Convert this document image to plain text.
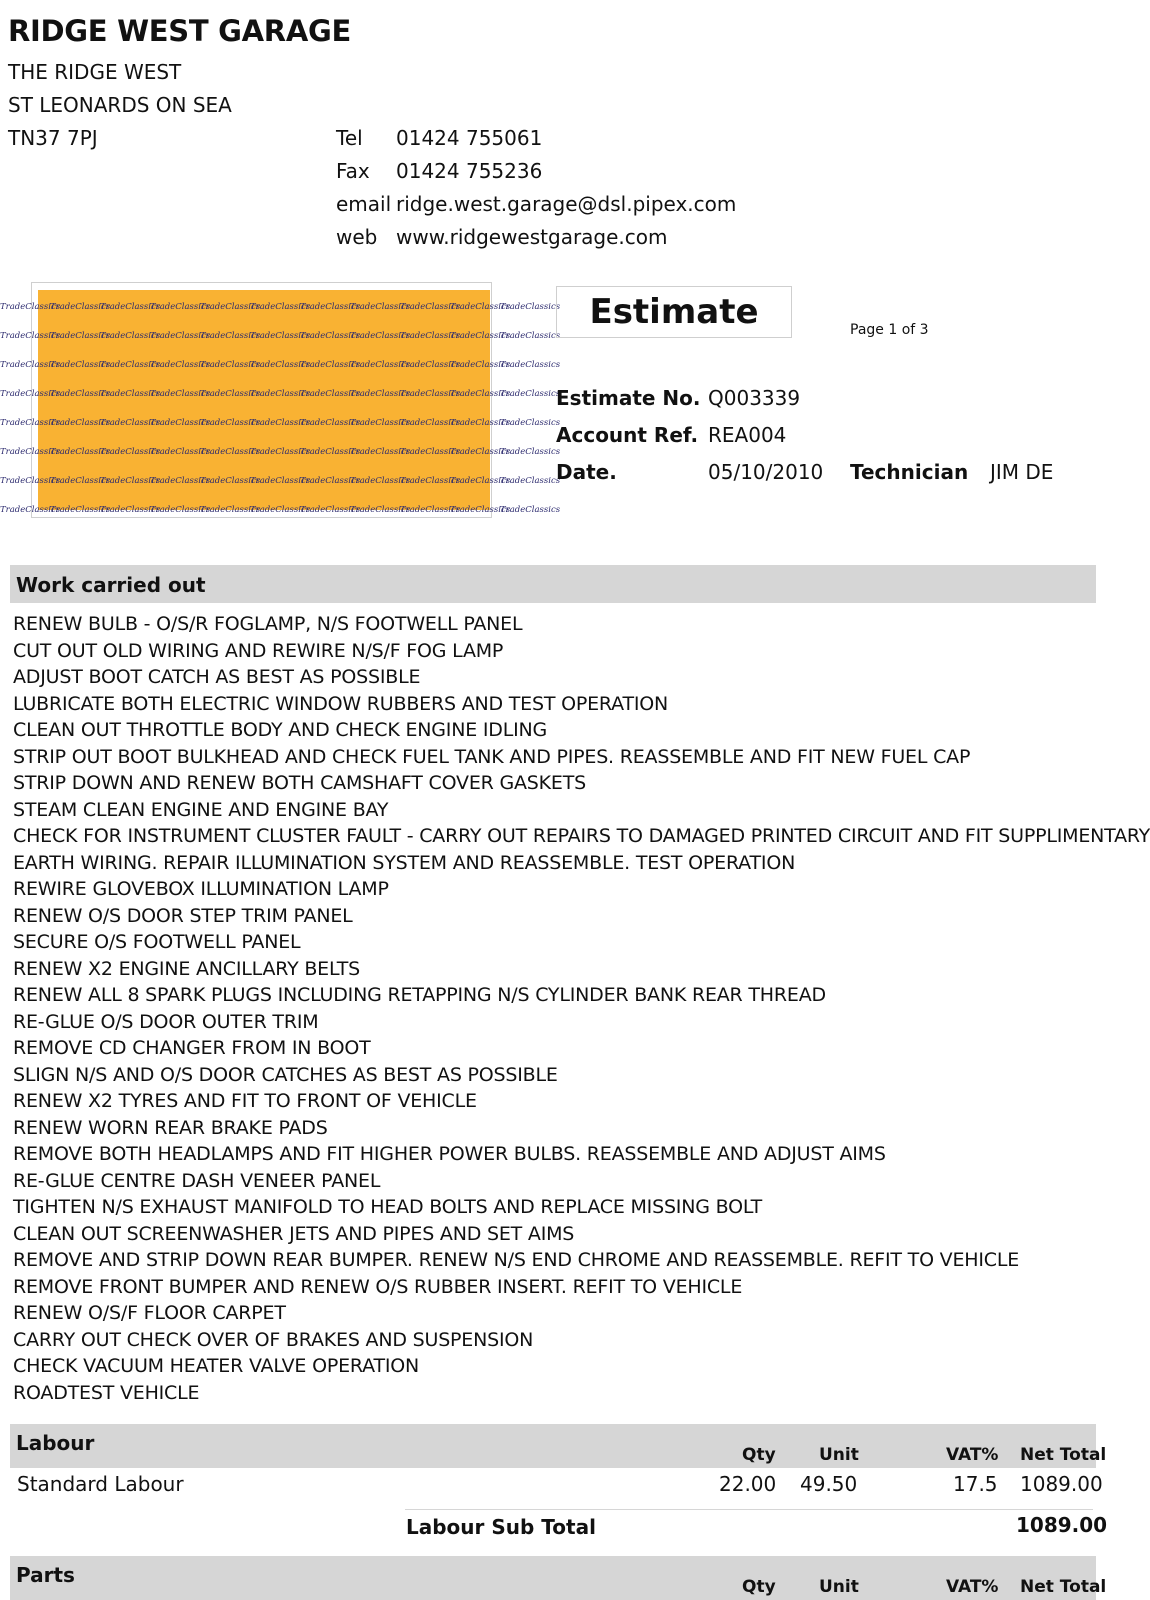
RIDGE WEST GARAGE
THE RIDGE WEST
ST LEONARDS ON SEA
TN37 7PJ	Tel 01424 755061
Fax 01424 755236
email ridge.west.garage@dsl.pipex.com
web www.ridgewestgarage.com
TradeClassics
TradeClassics
TradeClassics
TradeClassics
TradeClassics
TradeClassics
TradeClassics
TradeClassics
TradeClassics
TradeClassics
TradeClassics
TradeClassics
TradeClassics
TradeClassics
TradeClassics
TradeClassics
TradeClassics
TradeClassics
TradeClassics
TradeClassics
TradeClassics
TradeClassics
TradeClassics
TradeClassics
TradeClassics
TradeClassics
TradeClassics
TradeClassics
TradeClassics
TradeClassics
TradeClassics
TradeClassics
TradeClassics
TradeClassics
TradeClassics
TradeClassics
TradeClassics
TradeClassics
TradeClassics
TradeClassics
TradeClassics
TradeClassics
TradeClassics
TradeClassics
TradeClassics
TradeClassics
TradeClassics
TradeClassics
TradeClassics
TradeClassics
TradeClassics
TradeClassics
TradeClassics
TradeClassics
TradeClassics
TradeClassics
TradeClassics
TradeClassics
TradeClassics
TradeClassics
TradeClassics
TradeClassics
TradeClassics
TradeClassics
TradeClassics
TradeClassics
TradeClassics
TradeClassics
TradeClassics
TradeClassics
TradeClassics
TradeClassics
TradeClassics
TradeClassics
TradeClassics
TradeClassics
TradeClassics
TradeClassics
TradeClassics
TradeClassics
TradeClassics
TradeClassics
TradeClassics
TradeClassics
TradeClassics
TradeClassics
TradeClassics
TradeClassics
Estimate	Page 1 of 3
Estimate No. Q003339
Account Ref. REA004
Date.	05/10/2010 Technician JIM DE
Work carried out
RENEW BULB - O/S/R FOGLAMP, N/S FOOTWELL PANEL
CUT OUT OLD WIRING AND REWIRE N/S/F FOG LAMP
ADJUST BOOT CATCH AS BEST AS POSSIBLE
LUBRICATE BOTH ELECTRIC WINDOW RUBBERS AND TEST OPERATION
CLEAN OUT THROTTLE BODY AND CHECK ENGINE IDLING
STRIP OUT BOOT BULKHEAD AND CHECK FUEL TANK AND PIPES. REASSEMBLE AND FIT NEW FUEL CAP
STRIP DOWN AND RENEW BOTH CAMSHAFT COVER GASKETS
STEAM CLEAN ENGINE AND ENGINE BAY
CHECK FOR INSTRUMENT CLUSTER FAULT - CARRY OUT REPAIRS TO DAMAGED PRINTED CIRCUIT AND FIT SUPPLIMENTARY
EARTH WIRING. REPAIR ILLUMINATION SYSTEM AND REASSEMBLE. TEST OPERATION
REWIRE GLOVEBOX ILLUMINATION LAMP
RENEW O/S DOOR STEP TRIM PANEL
SECURE O/S FOOTWELL PANEL
RENEW X2 ENGINE ANCILLARY BELTS
RENEW ALL 8 SPARK PLUGS INCLUDING RETAPPING N/S CYLINDER BANK REAR THREAD
RE-GLUE O/S DOOR OUTER TRIM
REMOVE CD CHANGER FROM IN BOOT
SLIGN N/S AND O/S DOOR CATCHES AS BEST AS POSSIBLE
RENEW X2 TYRES AND FIT TO FRONT OF VEHICLE
RENEW WORN REAR BRAKE PADS
REMOVE BOTH HEADLAMPS AND FIT HIGHER POWER BULBS. REASSEMBLE AND ADJUST AIMS
RE-GLUE CENTRE DASH VENEER PANEL
TIGHTEN N/S EXHAUST MANIFOLD TO HEAD BOLTS AND REPLACE MISSING BOLT
CLEAN OUT SCREENWASHER JETS AND PIPES AND SET AIMS
REMOVE AND STRIP DOWN REAR BUMPER. RENEW N/S END CHROME AND REASSEMBLE. REFIT TO VEHICLE
REMOVE FRONT BUMPER AND RENEW O/S RUBBER INSERT. REFIT TO VEHICLE
RENEW O/S/F FLOOR CARPET
CARRY OUT CHECK OVER OF BRAKES AND SUSPENSION
CHECK VACUUM HEATER VALVE OPERATION
ROADTEST VEHICLE
Labour	Qty	Unit	VAT% Net Total
Standard Labour	22.00 49.50	17.5 1089.00
Labour Sub Total	1089.00
Parts	Qty	Unit	VAT% Net Total
